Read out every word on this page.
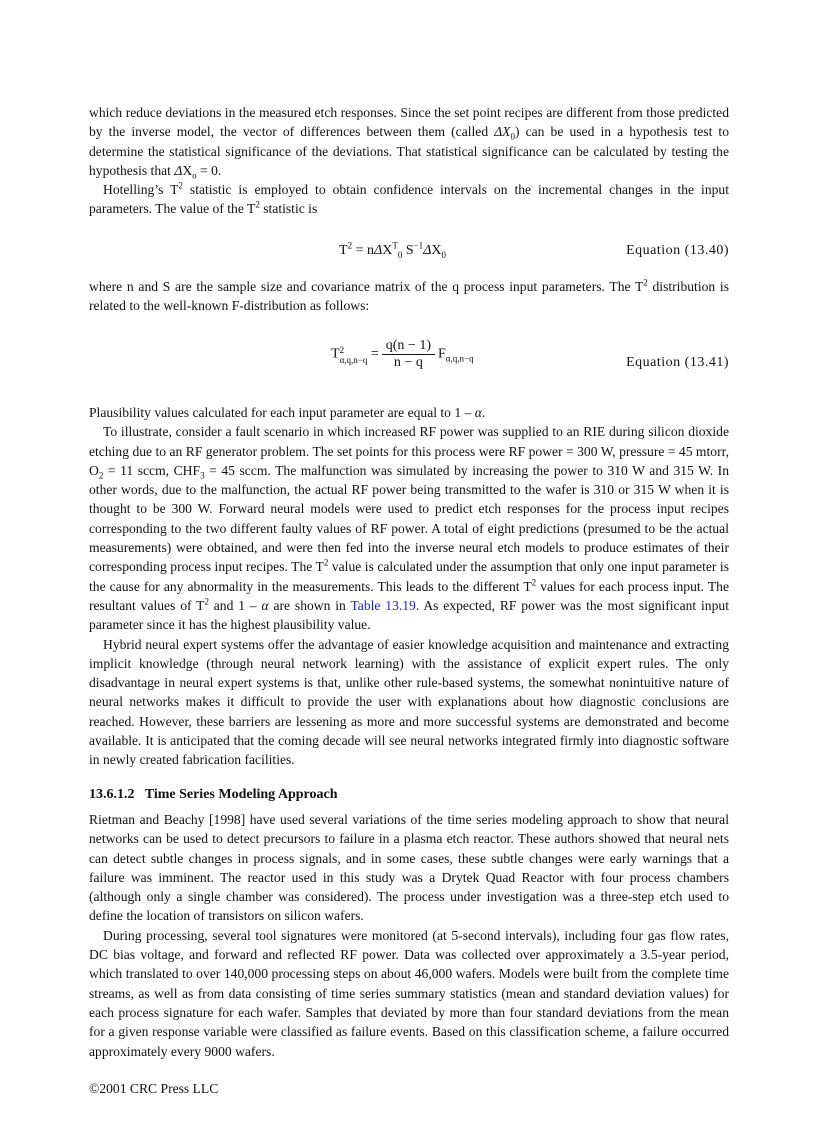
which reduce deviations in the measured etch responses. Since the set point recipes are different from those predicted by the inverse model, the vector of differences between them (called $\Delta X_0$) can be used in a hypothesis test to determine the statistical significance of the deviations. That statistical significance can be calculated by testing the hypothesis that $\Delta X_o = 0$.

Hotelling’s $T^2$ statistic is employed to obtain confidence intervals on the incremental changes in the input parameters. The value of the $T^2$ statistic is

$T^2 = n\Delta X^T_0$ $S^{-1}\Delta X_0$	Equation (13.40)

where n and S are the sample size and covariance matrix of the q process input parameters. The $T^2$ distribution is related to the well-known F-distribution as follows:

T 2
$\alpha,q,n-q = \frac{q(n - 1)}{n - q} F_{\alpha,q,n-q}$	Equation (13.41)

Plausibility values calculated for each input parameter are equal to 1 – α.

To illustrate, consider a fault scenario in which increased RF power was supplied to an RIE during silicon dioxide etching due to an RF generator problem. The set points for this process were RF power = 300 W, pressure = 45 mtorr, $O_2 = 11$ sccm, $CHF_3 = 45$ sccm. The malfunction was simulated by increasing the power to 310 W and 315 W. In other words, due to the malfunction, the actual RF power being transmitted to the wafer is 310 or 315 W when it is thought to be 300 W. Forward neural models were used to predict etch responses for the process input recipes corresponding to the two different faulty values of RF power. A total of eight predictions (presumed to be the actual measurements) were obtained, and were then fed into the inverse neural etch models to produce estimates of their corresponding process input recipes. The $T^2$ value is calculated under the assumption that only one input parameter is the cause for any abnormality in the measurements. This leads to the different $T^2$ values for each process input. The resultant values of $T^2$ and 1 – α are shown in Table 13.19. As expected, RF power was the most significant input parameter since it has the highest plausibility value.

Hybrid neural expert systems offer the advantage of easier knowledge acquisition and maintenance and extracting implicit knowledge (through neural network learning) with the assistance of explicit expert rules. The only disadvantage in neural expert systems is that, unlike other rule-based systems, the somewhat nonintuitive nature of neural networks makes it difficult to provide the user with explanations about how diagnostic conclusions are reached. However, these barriers are lessening as more and more successful systems are demonstrated and become available. It is anticipated that the coming decade will see neural networks integrated firmly into diagnostic software in newly created fabrication facilities.

13.6.1.2   Time Series Modeling Approach

Rietman and Beachy [1998] have used several variations of the time series modeling approach to show that neural networks can be used to detect precursors to failure in a plasma etch reactor. These authors showed that neural nets can detect subtle changes in process signals, and in some cases, these subtle changes were early warnings that a failure was imminent. The reactor used in this study was a Drytek Quad Reactor with four process chambers (although only a single chamber was considered). The process under investigation was a three-step etch used to define the location of transistors on silicon wafers.

During processing, several tool signatures were monitored (at 5-second intervals), including four gas flow rates, DC bias voltage, and forward and reflected RF power. Data was collected over approximately a 3.5-year period, which translated to over 140,000 processing steps on about 46,000 wafers. Models were built from the complete time streams, as well as from data consisting of time series summary statistics (mean and standard deviation values) for each process signature for each wafer. Samples that deviated by more than four standard deviations from the mean for a given response variable were classified as failure events. Based on this classification scheme, a failure occurred approximately every 9000 wafers.

©2001 CRC Press LLC
